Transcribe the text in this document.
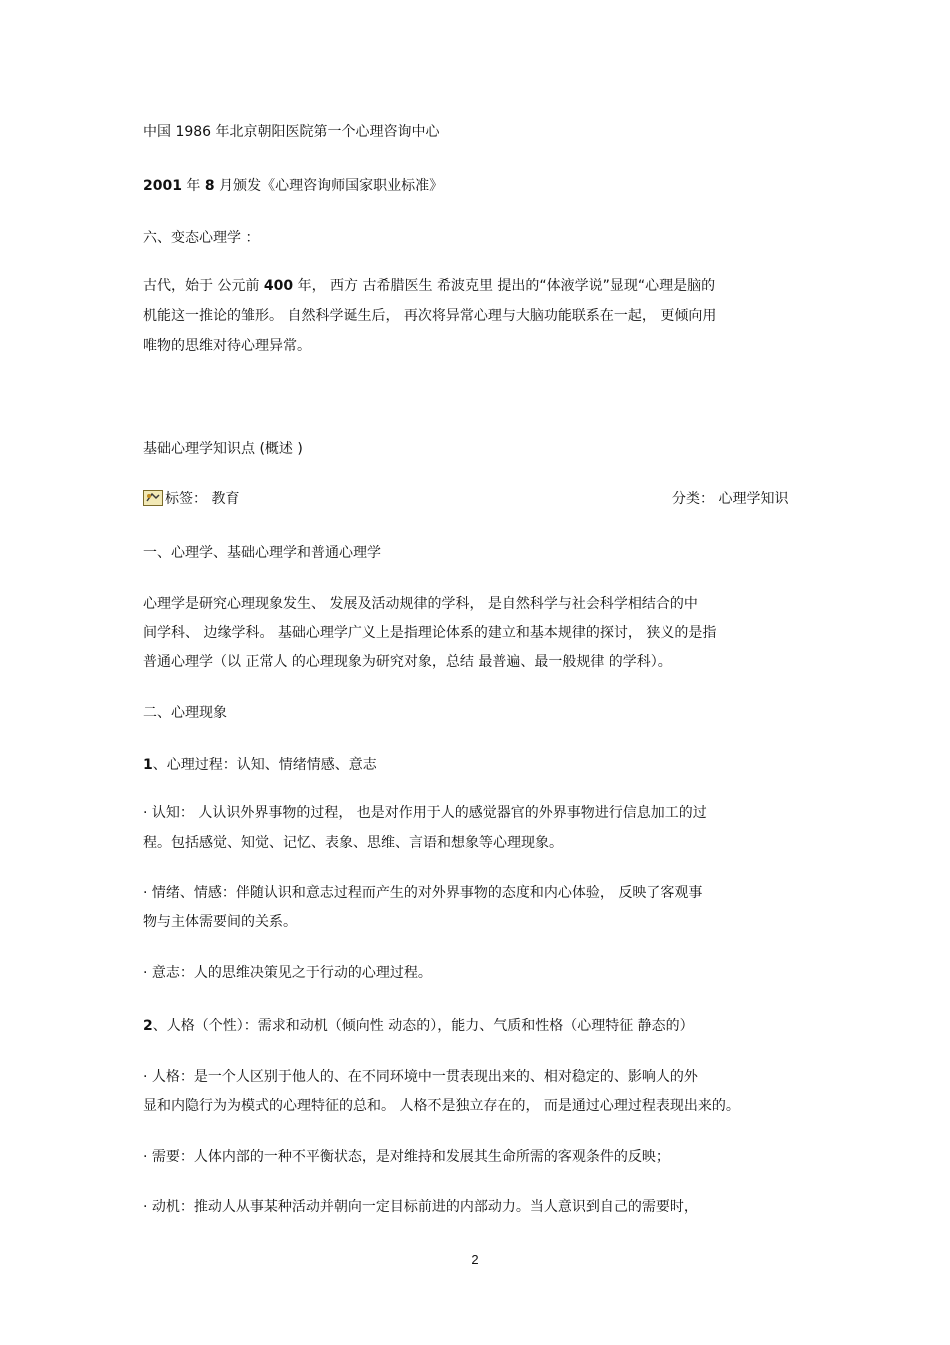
中国 1986 年北京朝阳医院第一个心理咨询中心
2001 年 8 月颁发《心理咨询师国家职业标准》
六、变态心理学 ：
古代，始于 公元前 400 年， 西方 古希腊医生 希波克里 提出的“体液学说”显现“心理是脑的
机能这一推论的雏形。 自然科学诞生后， 再次将异常心理与大脑功能联系在一起， 更倾向用
唯物的思维对待心理异常。
基础心理学知识点 (概述 )
标签： 教育	分类： 心理学知识
一、心理学、基础心理学和普通心理学
心理学是研究心理现象发生、 发展及活动规律的学科， 是自然科学与社会科学相结合的中
间学科、 边缘学科。 基础心理学广义上是指理论体系的建立和基本规律的探讨， 狭义的是指
普通心理学（以 正常人 的心理现象为研究对象，总结 最普遍、最一般规律 的学科）。
二、心理现象
1、心理过程：认知、情绪情感、意志
· 认知： 人认识外界事物的过程， 也是对作用于人的感觉器官的外界事物进行信息加工的过
程。包括感觉、知觉、记忆、表象、思维、言语和想象等心理现象。
· 情绪、情感：伴随认识和意志过程而产生的对外界事物的态度和内心体验， 反映了客观事
物与主体需要间的关系。
· 意志：人的思维决策见之于行动的心理过程。
2、人格（个性）：需求和动机（倾向性 动态的），能力、气质和性格（心理特征 静态的）
· 人格：是一个人区别于他人的、在不同环境中一贯表现出来的、相对稳定的、影响人的外
显和内隐行为为模式的心理特征的总和。 人格不是独立存在的， 而是通过心理过程表现出来的。
· 需要：人体内部的一种不平衡状态，是对维持和发展其生命所需的客观条件的反映；
· 动机：推动人从事某种活动并朝向一定目标前进的内部动力。当人意识到自己的需要时，
2
